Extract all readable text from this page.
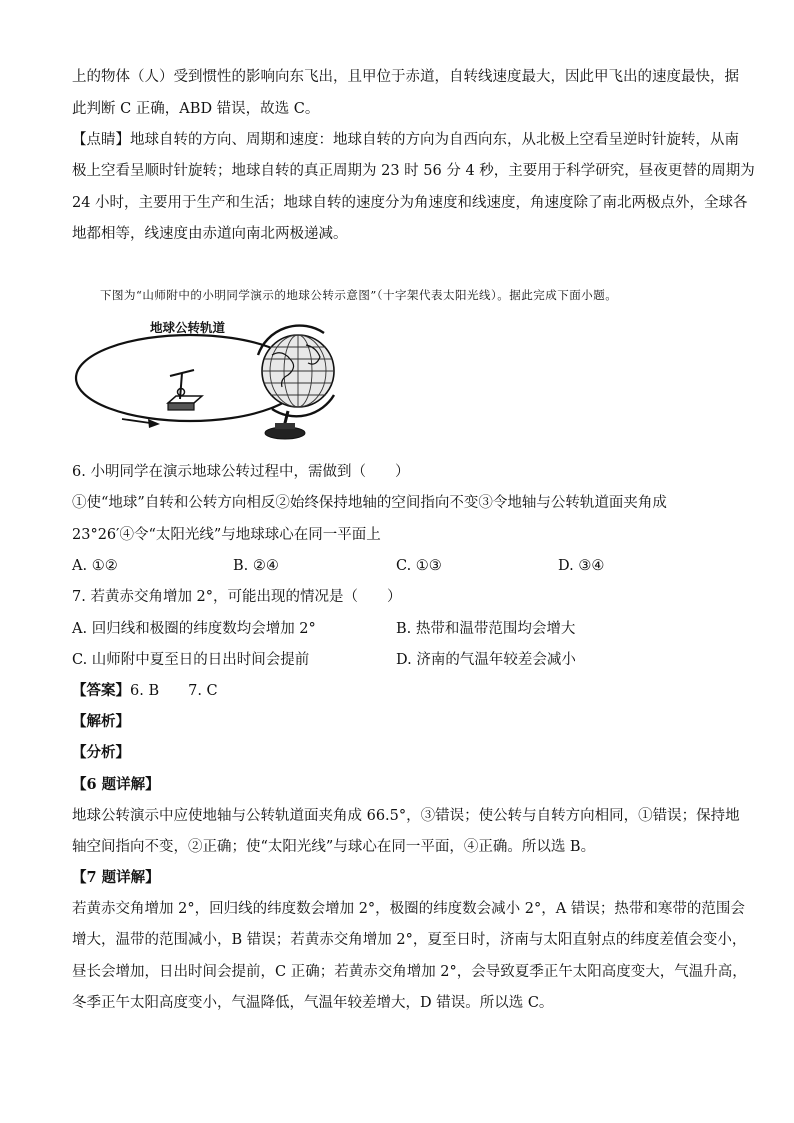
上的物体（人）受到惯性的影响向东飞出，且甲位于赤道，自转线速度最大，因此甲飞出的速度最快，据
此判断 C 正确，ABD 错误，故选 C。
【点睛】地球自转的方向、周期和速度：地球自转的方向为自西向东，从北极上空看呈逆时针旋转，从南
极上空看呈顺时针旋转；地球自转的真正周期为 23 时 56 分 4 秒，主要用于科学研究，昼夜更替的周期为
24 小时，主要用于生产和生活；地球自转的速度分为角速度和线速度，角速度除了南北两极点外，全球各
地都相等，线速度由赤道向南北两极递减。
下图为“山师附中的小明同学演示的地球公转示意图”（十字架代表太阳光线）。据此完成下面小题。
地球公转轨道
6. 小明同学在演示地球公转过程中，需做到（　　）
①使“地球”自转和公转方向相反②始终保持地轴的空间指向不变③令地轴与公转轨道面夹角成
23°26′④令“太阳光线”与地球球心在同一平面上
A. ①②	B. ②④	C. ①③	D. ③④
7. 若黄赤交角增加 2°，可能出现的情况是（　　）
A. 回归线和极圈的纬度数均会增加 2°	B. 热带和温带范围均会增大
C. 山师附中夏至日的日出时间会提前	D. 济南的气温年较差会减小
【答案】6. B　　7. C
【解析】
【分析】
【6 题详解】
地球公转演示中应使地轴与公转轨道面夹角成 66.5°，③错误；使公转与自转方向相同，①错误；保持地
轴空间指向不变，②正确；使“太阳光线”与球心在同一平面，④正确。所以选 B。
【7 题详解】
若黄赤交角增加 2°，回归线的纬度数会增加 2°，极圈的纬度数会减小 2°，A 错误；热带和寒带的范围会
增大，温带的范围减小，B 错误；若黄赤交角增加 2°，夏至日时，济南与太阳直射点的纬度差值会变小，
昼长会增加，日出时间会提前，C 正确；若黄赤交角增加 2°，会导致夏季正午太阳高度变大，气温升高，
冬季正午太阳高度变小，气温降低，气温年较差增大，D 错误。所以选 C。
